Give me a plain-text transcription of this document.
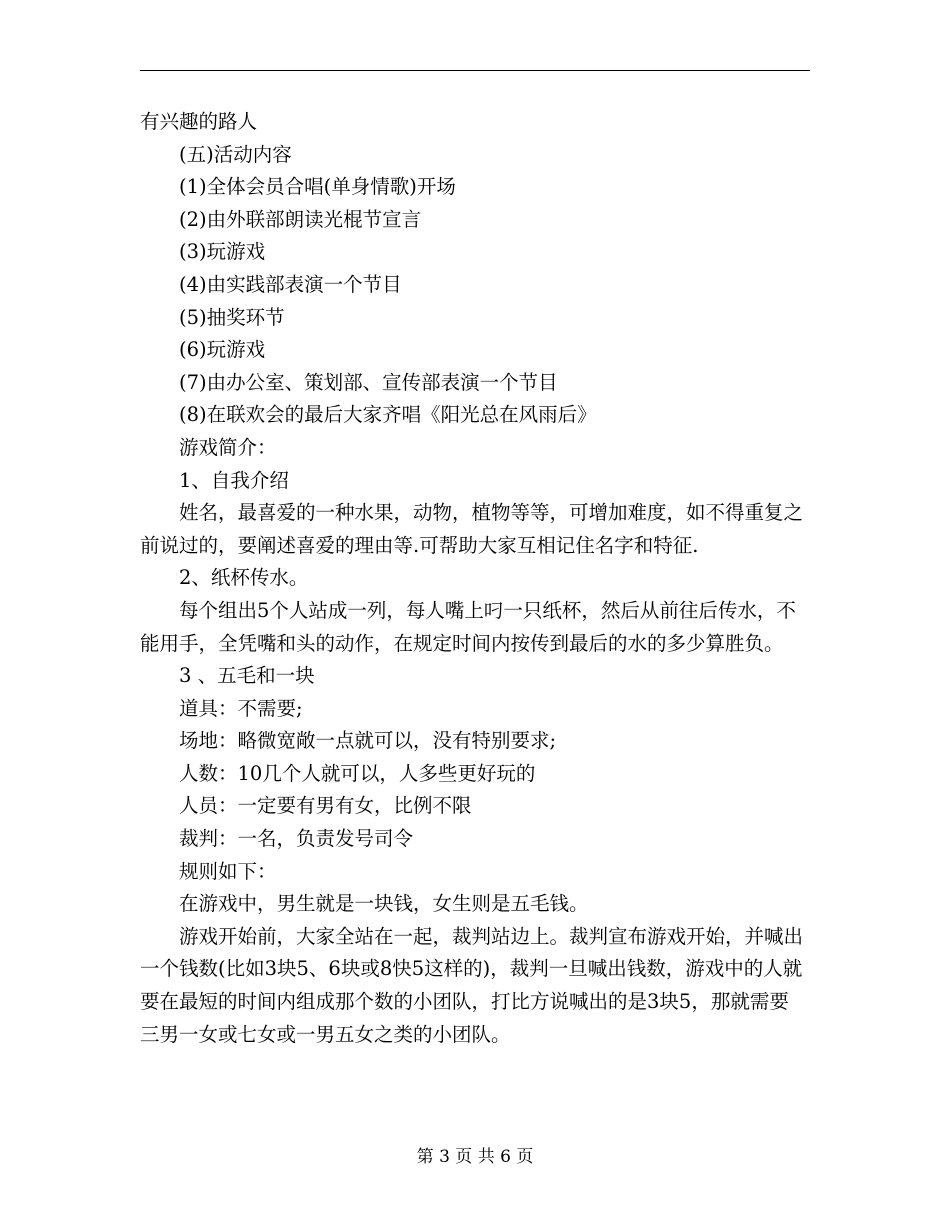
有兴趣的路人

(五)活动内容

(1)全体会员合唱(单身情歌)开场

(2)由外联部朗读光棍节宣言

(3)玩游戏

(4)由实践部表演一个节目

(5)抽奖环节

(6)玩游戏

(7)由办公室、策划部、宣传部表演一个节目

(8)在联欢会的最后大家齐唱《阳光总在风雨后》

游戏简介：

1、自我介绍

姓名，最喜爱的一种水果，动物，植物等等，可增加难度，如不得重复之前说过的，要阐述喜爱的理由等.可帮助大家互相记住名字和特征.

2、纸杯传水。

每个组出5个人站成一列，每人嘴上叼一只纸杯，然后从前往后传水，不能用手，全凭嘴和头的动作，在规定时间内按传到最后的水的多少算胜负。

3 、五毛和一块

道具：不需要;

场地：略微宽敞一点就可以，没有特别要求;

人数：10几个人就可以，人多些更好玩的

人员：一定要有男有女，比例不限

裁判：一名，负责发号司令

规则如下：

在游戏中，男生就是一块钱，女生则是五毛钱。

游戏开始前，大家全站在一起，裁判站边上。裁判宣布游戏开始，并喊出一个钱数(比如3块5、6块或8快5这样的)，裁判一旦喊出钱数，游戏中的人就要在最短的时间内组成那个数的小团队，打比方说喊出的是3块5，那就需要三男一女或七女或一男五女之类的小团队。

第 3 页 共 6 页
